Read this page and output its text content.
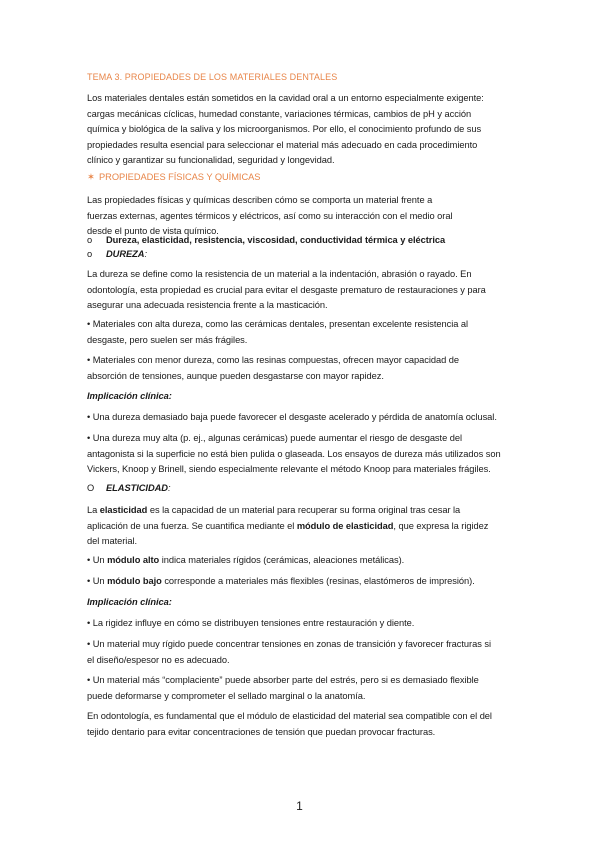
TEMA 3. PROPIEDADES DE LOS MATERIALES DENTALES
Los materiales dentales están sometidos en la cavidad oral a un entorno especialmente exigente:
cargas mecánicas cíclicas, humedad constante, variaciones térmicas, cambios de pH y acción
química y biológica de la saliva y los microorganismos. Por ello, el conocimiento profundo de sus
propiedades resulta esencial para seleccionar el material más adecuado en cada procedimiento
clínico y garantizar su funcionalidad, seguridad y longevidad.
✶ PROPIEDADES FÍSICAS Y QUÍMICAS
Las propiedades físicas y químicas describen cómo se comporta un material frente a
fuerzas externas, agentes térmicos y eléctricos, así como su interacción con el medio oral
desde el punto de vista químico.
o Dureza, elasticidad, resistencia, viscosidad, conductividad térmica y eléctrica
o DUREZA:
La dureza se define como la resistencia de un material a la indentación, abrasión o rayado. En
odontología, esta propiedad es crucial para evitar el desgaste prematuro de restauraciones y para
asegurar una adecuada resistencia frente a la masticación.
• Materiales con alta dureza, como las cerámicas dentales, presentan excelente resistencia al
desgaste, pero suelen ser más frágiles.
• Materiales con menor dureza, como las resinas compuestas, ofrecen mayor capacidad de
absorción de tensiones, aunque pueden desgastarse con mayor rapidez.
Implicación clínica:
• Una dureza demasiado baja puede favorecer el desgaste acelerado y pérdida de anatomía oclusal.
• Una dureza muy alta (p. ej., algunas cerámicas) puede aumentar el riesgo de desgaste del
antagonista si la superficie no está bien pulida o glaseada. Los ensayos de dureza más utilizados son
Vickers, Knoop y Brinell, siendo especialmente relevante el método Knoop para materiales frágiles.
O ELASTICIDAD:
La elasticidad es la capacidad de un material para recuperar su forma original tras cesar la
aplicación de una fuerza. Se cuantifica mediante el módulo de elasticidad, que expresa la rigidez
del material.
• Un módulo alto indica materiales rígidos (cerámicas, aleaciones metálicas).
• Un módulo bajo corresponde a materiales más flexibles (resinas, elastómeros de impresión).
Implicación clínica:
• La rigidez influye en cómo se distribuyen tensiones entre restauración y diente.
• Un material muy rígido puede concentrar tensiones en zonas de transición y favorecer fracturas si
el diseño/espesor no es adecuado.
• Un material más “complaciente” puede absorber parte del estrés, pero si es demasiado flexible
puede deformarse y comprometer el sellado marginal o la anatomía.
En odontología, es fundamental que el módulo de elasticidad del material sea compatible con el del
tejido dentario para evitar concentraciones de tensión que puedan provocar fracturas.
1
